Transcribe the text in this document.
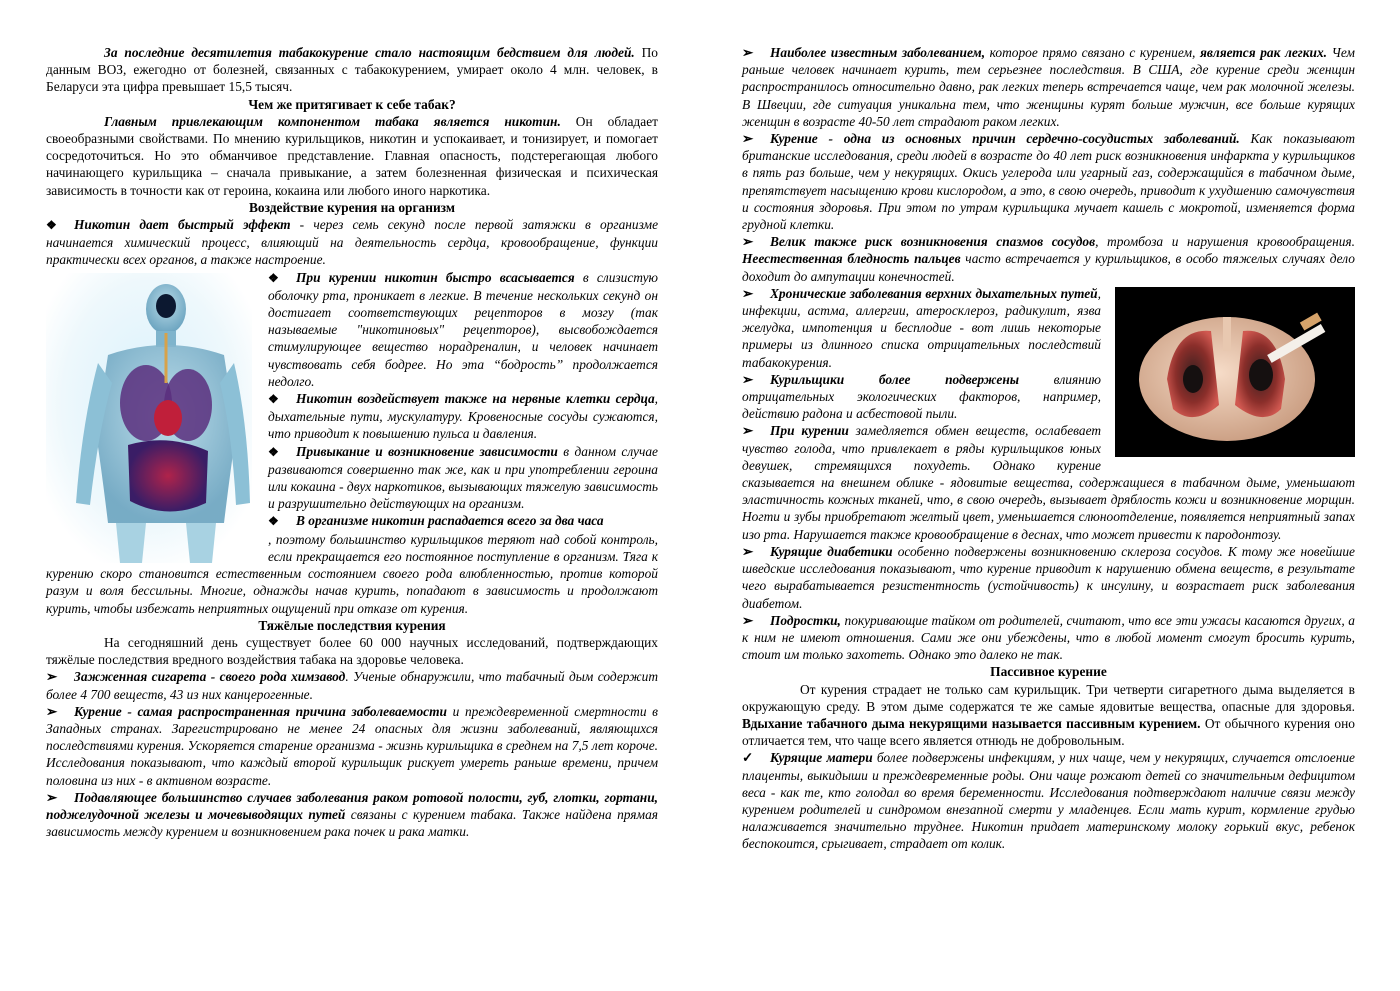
За последние десятилетия табакокурение стало настоящим бедствием для людей. По данным ВОЗ, ежегодно от болезней, связанных с табакокурением, умирает около 4 млн. человек, в Беларуси эта цифра превышает 15,5 тысяч.

Чем же притягивает к себе табак?

Главным привлекающим компонентом табака является никотин. Он обладает своеобразными свойствами. По мнению курильщиков, никотин и успокаивает, и тонизирует, и помогает сосредоточиться. Но это обманчивое представление. Главная опасность, подстерегающая любого начинающего курильщика – сначала привыкание, а затем болезненная физическая и психическая зависимость в точности как от героина, кокаина или любого иного наркотика.

Воздействие курения на организм

❖ Никотин дает быстрый эффект - через семь секунд после первой затяжки в организме начинается химический процесс, влияющий на деятельность сердца, кровообращение, функции практически всех органов, а также настроение.

❖ При курении никотин быстро всасывается
в слизистую оболочку рта, проникает в легкие. В течение нескольких секунд он достигает соответствующих рецепторов в мозгу (так называемые "никотиновых" рецепторов), высвобождается стимулирующее вещество норадреналин, и человек начинает чувствовать себя бодрее. Но эта “бодрость” продолжается недолго.

❖ Никотин воздействует также на нервные клетки сердца, дыхательные пути, мускулатуру. Кровеносные сосуды сужаются, что приводит к повышению пульса и давления.

❖ Привыкание и возникновение зависимости в данном случае развиваются совершенно так же, как и при употреблении героина или кокаина - двух наркотиков, вызывающих тяжелую зависимость и разрушительно действующих на организм.

❖ В организме никотин распадается всего за два часа
, поэтому большинство курильщиков теряют над собой контроль, если прекращается его постоянное поступление в организм. Тяга к курению скоро становится естественным состоянием своего рода влюбленностью, против которой разум и воля бессильны. Многие, однажды начав курить, попадают в зависимость и продолжают курить, чтобы избежать неприятных ощущений при отказе от курения.

Тяжёлые последствия курения

На сегодняшний день существует более 60 000 научных исследований, подтверждающих тяжёлые последствия вредного воздействия табака на здоровье человека.

➢ Зажженная сигарета - своего рода химзавод. Ученые обнаружили, что табачный дым содержит более 4 700 веществ, 43 из них канцерогенные.

➢ Курение - самая распространенная причина заболеваемости и преждевременной смертности в Западных странах. Зарегистрировано не менее 24 опасных для жизни заболеваний, являющихся последствиями курения. Ускоряется старение организма - жизнь курильщика в среднем на 7,5 лет короче. Исследования показывают, что каждый второй курильщик рискует умереть раньше времени, причем половина из них - в активном возрасте.

➢ Подавляющее большинство случаев заболевания раком ротовой полости, губ, глотки, гортани, поджелудочной железы и мочевыводящих путей связаны с курением табака. Также найдена прямая зависимость между курением и возникновением рака почек и рака матки.

➢ Наиболее известным заболеванием, которое прямо связано с курением, является рак легких. Чем раньше человек начинает курить, тем серьезнее последствия. В США, где курение среди женщин распространилось относительно давно, рак легких теперь встречается чаще, чем рак молочной железы. В Швеции, где ситуация уникальна тем, что женщины курят больше мужчин, все больше курящих женщин в возрасте 40-50 лет страдают раком легких.

➢ Курение - одна из основных причин сердечно-сосудистых заболеваний. Как показывают британские исследования, среди людей в возрасте до 40 лет риск возникновения инфаркта у курильщиков в пять раз больше, чем у некурящих. Окись углерода или угарный газ, содержащийся в табачном дыме, препятствует насыщению крови кислородом, а это, в свою очередь, приводит к ухудшению самочувствия и состояния здоровья. При этом по утрам курильщика мучает кашель с мокротой, изменяется форма грудной клетки.

➢ Велик также риск возникновения спазмов сосудов, тромбоза и нарушения кровообращения. Неестественная бледность пальцев часто встречается у курильщиков, в особо тяжелых случаях дело доходит до ампутации конечностей.

➢ Хронические заболевания верхних дыхательных путей, инфекции, астма, аллергии, атеросклероз, радикулит, язва желудка, импотенция и бесплодие - вот лишь некоторые примеры из длинного списка отрицательных последствий табакокурения.

➢ Курильщики более подвержены влиянию отрицательных экологических факторов, например, действию радона и асбестовой пыли.

➢ При курении замедляется обмен веществ, ослабевает чувство голода, что привлекает в ряды курильщиков юных девушек, стремящихся похудеть. Однако курение сказывается на внешнем облике - ядовитые вещества, содержащиеся в табачном дыме, уменьшают эластичность кожных тканей, что, в свою очередь, вызывает дряблость кожи и возникновение морщин. Ногти и зубы приобретают желтый цвет, уменьшается слюноотделение, появляется неприятный запах изо рта. Нарушается также кровообращение в деснах, что может привести к пародонтозу.

➢ Курящие диабетики особенно подвержены возникновению склероза сосудов. К тому же новейшие шведские исследования показывают, что курение приводит к нарушению обмена веществ, в результате чего вырабатывается резистентность (устойчивость) к инсулину, и возрастает риск заболевания диабетом.

➢ Подростки, покуривающие тайком от родителей, считают, что все эти ужасы касаются других, а к ним не имеют отношения. Сами же они убеждены, что в любой момент смогут бросить курить, стоит им только захотеть. Однако это далеко не так.

Пассивное курение

От курения страдает не только сам курильщик. Три четверти сигаретного дыма выделяется в окружающую среду. В этом дыме содержатся те же самые ядовитые вещества, опасные для здоровья. Вдыхание табачного дыма некурящими называется пассивным курением. От обычного курения оно отличается тем, что чаще всего является отнюдь не добровольным.

✓ Курящие матери более подвержены инфекциям, у них чаще, чем у некурящих, случается отслоение плаценты, выкидыши и преждевременные роды. Они чаще рожают детей со значительным дефицитом веса - как те, кто голодал во время беременности. Исследования подтверждают наличие связи между курением родителей и синдромом внезапной смерти у младенцев. Если мать курит, кормление грудью налаживается значительно труднее. Никотин придает материнскому молоку горький вкус, ребенок беспокоится, срыгивает, страдает от колик.
